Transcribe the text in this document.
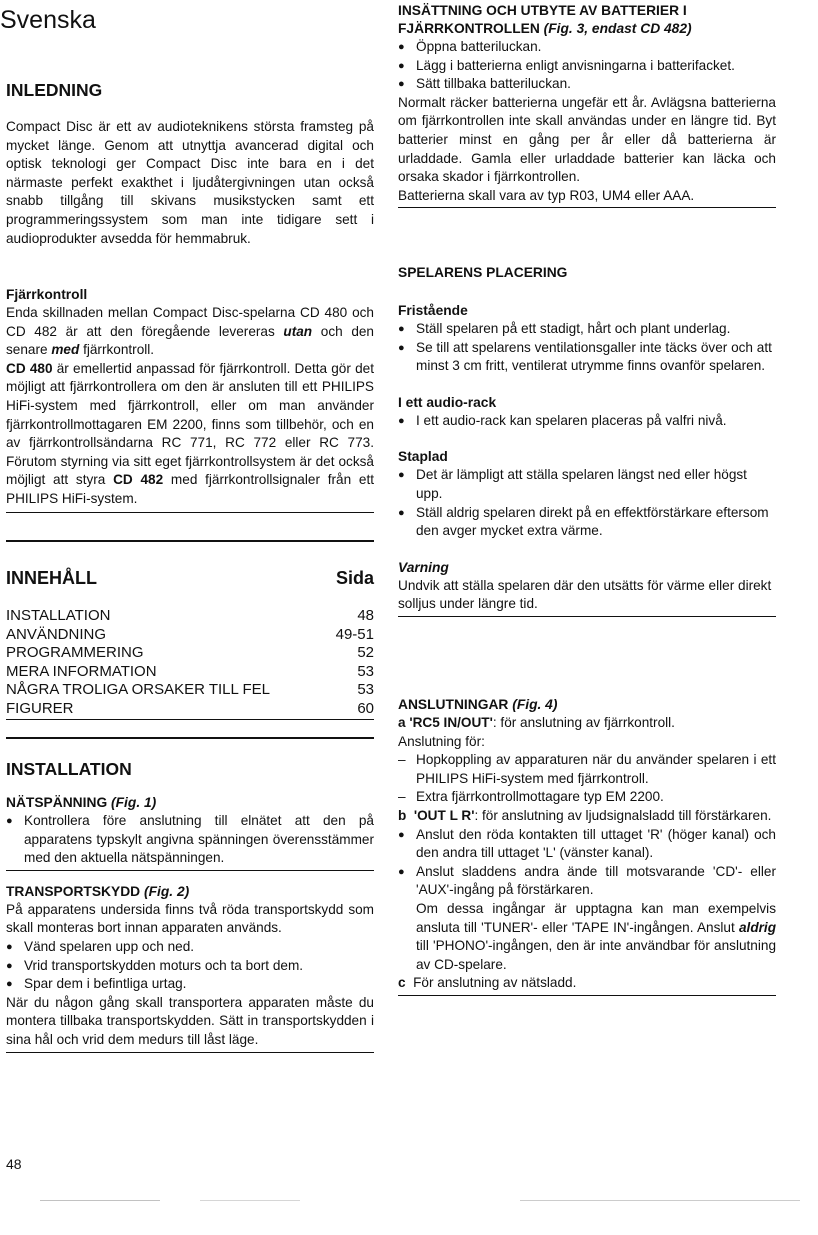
Svenska
INLEDNING

Compact Disc är ett av audioteknikens största framsteg på mycket länge. Genom att utnyttja avancerad digital och optisk teknologi ger Compact Disc inte bara en i det närmaste perfekt exakthet i ljudåtergivningen utan också snabb tillgång till skivans musikstycken samt ett programmeringssystem som man inte tidigare sett i audioprodukter avsedda för hemmabruk.

Fjärrkontroll

Enda skillnaden mellan Compact Disc-spelarna CD 480 och CD 482 är att den föregående levereras utan och den senare med fjärrkontroll.

CD 480 är emellertid anpassad för fjärrkontroll. Detta gör det möjligt att fjärrkontrollera om den är ansluten till ett PHILIPS HiFi-system med fjärrkontroll, eller om man använder fjärrkontrollmottagaren EM 2200, finns som tillbehör, och en av fjärrkontrollsändarna RC 771, RC 772 eller RC 773. Förutom styrning via sitt eget fjärrkontrollsystem är det också möjligt att styra CD 482 med fjärrkontrollsignaler från ett PHILIPS HiFi-system.

INNEHÅLL	Sida
INSTALLATION	48
ANVÄNDNING	49-51
PROGRAMMERING	52
MERA INFORMATION	53
NÅGRA TROLIGA ORSAKER TILL FEL	53
FIGURER	60
INSTALLATION
NÄTSPÄNNING (Fig. 1)
● Kontrollera före anslutning till elnätet att den på apparatens typskylt angivna spänningen överensstämmer med den aktuella nätspänningen.
TRANSPORTSKYDD (Fig. 2)

På apparatens undersida finns två röda transportskydd som skall monteras bort innan apparaten används.

● Vänd spelaren upp och ned.
● Vrid transportskydden moturs och ta bort dem.
● Spar dem i befintliga urtag.

När du någon gång skall transportera apparaten måste du montera tillbaka transportskydden. Sätt in transportskydden i sina hål och vrid dem medurs till låst läge.

INSÄTTNING OCH UTBYTE AV BATTERIER I FJÄRRKONTROLLEN (Fig. 3, endast CD 482)
● Öppna batteriluckan.
● Lägg i batterierna enligt anvisningarna i batterifacket.
● Sätt tillbaka batteriluckan.

Normalt räcker batterierna ungefär ett år. Avlägsna batterierna om fjärrkontrollen inte skall användas under en längre tid. Byt batterier minst en gång per år eller då batterierna är urladdade. Gamla eller urladdade batterier kan läcka och orsaka skador i fjärrkontrollen.

Batterierna skall vara av typ R03, UM4 eller AAA.

SPELARENS PLACERING
Fristående
● Ställ spelaren på ett stadigt, hårt och plant underlag.
● Se till att spelarens ventilationsgaller inte täcks över och att minst 3 cm fritt, ventilerat utrymme finns ovanför spelaren.
I ett audio-rack
● I ett audio-rack kan spelaren placeras på valfri nivå.
Staplad
● Det är lämpligt att ställa spelaren längst ned eller högst upp.
● Ställ aldrig spelaren direkt på en effektförstärkare eftersom den avger mycket extra värme.
Varning

Undvik att ställa spelaren där den utsätts för värme eller direkt solljus under längre tid.

ANSLUTNINGAR (Fig. 4)

a 'RC5 IN/OUT': för anslutning av fjärrkontroll.

Anslutning för:

– Hopkoppling av apparaturen när du använder spelaren i ett PHILIPS HiFi-system med fjärrkontroll.
– Extra fjärrkontrollmottagare typ EM 2200.

b 'OUT L R': för anslutning av ljudsignalsladd till förstärkaren.

● Anslut den röda kontakten till uttaget 'R' (höger kanal) och den andra till uttaget 'L' (vänster kanal).
● Anslut sladdens andra ände till motsvarande 'CD'- eller 'AUX'-ingång på förstärkaren.

Om dessa ingångar är upptagna kan man exempelvis ansluta till 'TUNER'- eller 'TAPE IN'-ingången. Anslut aldrig till 'PHONO'-ingången, den är inte användbar för anslutning av CD-spelare.

c För anslutning av nätsladd.

48
